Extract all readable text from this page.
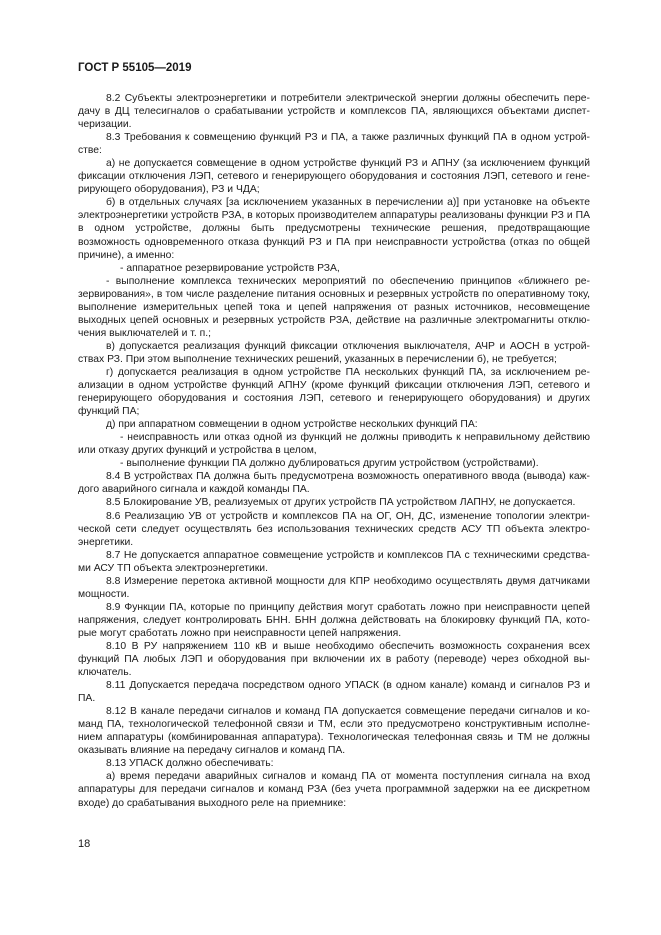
ГОСТ Р 55105—2019

8.2 Субъекты электроэнергетики и потребители электрической энергии должны обеспечить передачу в ДЦ телесигналов о срабатывании устройств и комплексов ПА, являющихся объектами диспетчеризации.

8.3 Требования к совмещению функций РЗ и ПА, а также различных функций ПА в одном устройстве:

а) не допускается совмещение в одном устройстве функций РЗ и АПНУ (за исключением функций фиксации отключения ЛЭП, сетевого и генерирующего оборудования и состояния ЛЭП, сетевого и генерирующего оборудования), РЗ и ЧДА;

б) в отдельных случаях [за исключением указанных в перечислении а)] при установке на объекте электроэнергетики устройств РЗА, в которых производителем аппаратуры реализованы функции РЗ и ПА в одном устройстве, должны быть предусмотрены технические решения, предотвращающие возможность одновременного отказа функций РЗ и ПА при неисправности устройства (отказ по общей причине), а именно:

- аппаратное резервирование устройств РЗА,

- выполнение комплекса технических мероприятий по обеспечению принципов «ближнего резервирования», в том числе разделение питания основных и резервных устройств по оперативному току, выполнение измерительных цепей тока и цепей напряжения от разных источников, несовмещение выходных цепей основных и резервных устройств РЗА, действие на различные электромагниты отключения выключателей и т. п.;

в) допускается реализация функций фиксации отключения выключателя, АЧР и АОСН в устройствах РЗ. При этом выполнение технических решений, указанных в перечислении б), не требуется;

г) допускается реализация в одном устройстве ПА нескольких функций ПА, за исключением реализации в одном устройстве функций АПНУ (кроме функций фиксации отключения ЛЭП, сетевого и генерирующего оборудования и состояния ЛЭП, сетевого и генерирующего оборудования) и других функций ПА;

д) при аппаратном совмещении в одном устройстве нескольких функций ПА:

- неисправность или отказ одной из функций не должны приводить к неправильному действию или отказу других функций и устройства в целом,

- выполнение функции ПА должно дублироваться другим устройством (устройствами).

8.4 В устройствах ПА должна быть предусмотрена возможность оперативного ввода (вывода) каждого аварийного сигнала и каждой команды ПА.

8.5 Блокирование УВ, реализуемых от других устройств ПА устройством ЛАПНУ, не допускается.

8.6 Реализацию УВ от устройств и комплексов ПА на ОГ, ОН, ДС, изменение топологии электрической сети следует осуществлять без использования технических средств АСУ ТП объекта электроэнергетики.

8.7 Не допускается аппаратное совмещение устройств и комплексов ПА с техническими средствами АСУ ТП объекта электроэнергетики.

8.8 Измерение перетока активной мощности для КПР необходимо осуществлять двумя датчиками мощности.

8.9 Функции ПА, которые по принципу действия могут сработать ложно при неисправности цепей напряжения, следует контролировать БНН. БНН должна действовать на блокировку функций ПА, которые могут сработать ложно при неисправности цепей напряжения.

8.10 В РУ напряжением 110 кВ и выше необходимо обеспечить возможность сохранения всех функций ПА любых ЛЭП и оборудования при включении их в работу (переводе) через обходной выключатель.

8.11 Допускается передача посредством одного УПАСК (в одном канале) команд и сигналов РЗ и ПА.

8.12 В канале передачи сигналов и команд ПА допускается совмещение передачи сигналов и команд ПА, технологической телефонной связи и ТМ, если это предусмотрено конструктивным исполнением аппаратуры (комбинированная аппаратура). Технологическая телефонная связь и ТМ не должны оказывать влияние на передачу сигналов и команд ПА.

8.13 УПАСК должно обеспечивать:

а) время передачи аварийных сигналов и команд ПА от момента поступления сигнала на вход аппаратуры для передачи сигналов и команд РЗА (без учета программной задержки на ее дискретном входе) до срабатывания выходного реле на приемнике:

18
